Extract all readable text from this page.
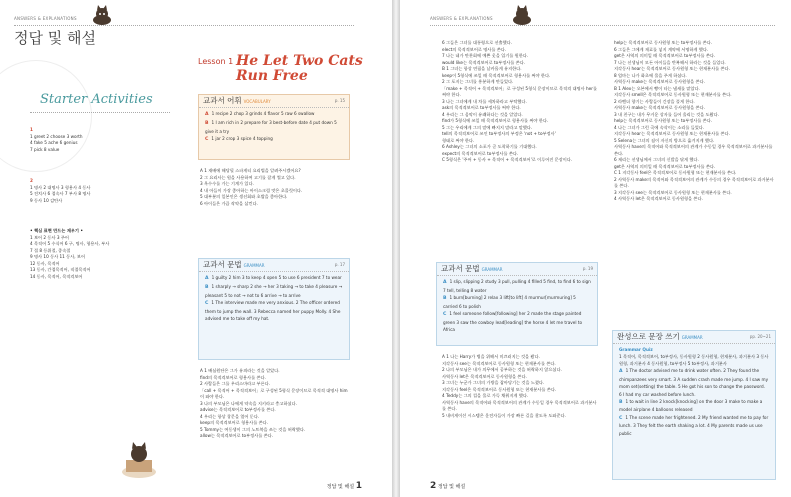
ANSWERS & EXPLANATIONS
정답 및 해설
Starter Activities
1
1 greet 2 choose 3 worth
4 fake 5 ache 6 genius
7 pick 8 value
2
1 명사 2 대명사 3 형용사 4 동사
5 전치사 6 접속사 7 부사 8 명사
9 동사 10 감탄사
• 핵심 표현 만드는 재우기 •
1 보어 2 동사 3 주어
4 목적어 5 수식어 6 구, 명사, 형용사, 부사
7 절 8 등위절, 종속절
9 명사 10 동사 11 동사, 보어
12 동사, 목적어
13 동사, 간접목적어, 직접목적어
14 동사, 목적어, 목적격보어
Lesson 1 He Let Two Cats Run Free
교과서 어휘 VOCABULARY	p. 15
A 1 recipe 2 chop 3 grinds 4 flavor 5 raw 6 swallow
B 1 I am rich in 2 prepare for 3 best-before date 4 put down 5 give it a try
C 1 jar 2 crop 3 spice 4 topping
A 1 재배에 해당될 스파게티 요리법을 알려주시겠어요?
2 그 요리사는 원을 사용하여 고기를 잘게 썰고 있다.
3 옥수수를 가는 기계가 있다.
4 내 아들이 가장 좋아하는 아이스크림 맛은 초콜릿이다.
5 대부분의 일본인은 생선회와 초밥을 좋아한다.
6 아이들은 가끔 작약을 삼킨다.
교과서 문법 GRAMMAR	p. 17
A 1 guilty 2 him 3 to keep 4 open 5 to use 6 president 7 to wear
B 1 sharply → sharp 2 she → her 3 taking → to take 4 pleasure → pleasant 5 to not → not to 6 arrive → to arrive
C 1 The interview made me very anxious. 2 The officer ordered them to jump the wall. 3 Rebecca named her puppy Molly. 4 She advised me to take off my hat.
A 1 배심원단은 그가 유죄라는 것을 알았다.
find의 목적격보어로 형용사를 쓴다.
2 사람들은 그를 우리스마라고 부른다.
「call + 목적어 + 목적격보어」로 구성된 5형식 문장이므로 목적격 대명사 him이 와야 한다.
3 나의 부모님은 나에게 약속을 지키라고 충고하셨다.
advise는 목적격보어로 to부정사를 쓴다.
4 우리는 항상 창문을 열어 둔다.
keep의 목적격보어로 형용사를 쓴다.
5 Tommy는 여동생이 그의 노트북을 쓰는 것을 허락했다.
allow는 목적격보어로 to부정사를 쓴다.
정답 및 해설 1
ANSWERS & EXPLANATIONS
6 그들은 그녀를 대통령으로 선출했다.
elect의 목적격보어로 명사를 쓴다.
7 나는 네가 만찬회에 예쁜 옷을 입기를 원한다.
would like는 목적격보어로 to부정사를 쓴다.
B 1 그녀는 항상 연필을 날카롭게 유지한다.
keep이 5형식에 쓰일 때 목적격보어로 형용사를 써야 한다.
2 그 포지는 그녀를 흥분하게 만들었다.
「make + 목적어 + 목적격보어」로 구성된 5형식 문장이므로 목적격 대명사 her를 써야 한다.
3 나는 그녀에게 내 차를 세차하라고 부탁했다.
ask의 목적격보어로 to부정사를 써야 한다.
4 우리는 그 음악이 유쾌하다는 것을 알았다.
find가 5형식에 쓰일 때 목적격보어로 형용사를 써야 한다.
5 그는 우리에게 그의 말에 빠지지 말라고 말했다.
tell의 목적격보어로 쓰인 to부정사의 부정은 'not + to부정사'
형태로 써야 한다.
6 Ashley는 그녀의 소포가 곧 도착하기를 기대했다.
expect의 목적격보어로 to부정사를 쓴다.
C 5형식은 '주어 + 동사 + 목적어 + 목적격보어'로 이루어진 문장이다.
교과서 문법 GRAMMAR	p. 19
A 1 slip, slipping 2 study 3 pull, pulling 4 filled 5 find, to find 6 to sign 7 tell, telling 8 water
B 1 burn[burning] 2 relax 3 lift[to lift] 4 murmur[murmuring] 5 carried 6 to polish
C 1 feel someone follow[following] her 2 made the stage painted green 3 saw the cowboy lead[leading] the horse 4 let me travel to Africa
A 1 나는 Harry가 병을 위해서 미끄러지는 것을 봤다.
지각동사 see는 목적격보어로 동사원형 또는 현재분사를 쓴다.
2 나의 부모님은 내가 의무에서 공부하는 것을 허락하지 않으셨다.
사역동사 let은 목적격보어로 동사원형을 쓴다.
3 그녀는 누군가 그녀의 가방을 잡아당기는 것을 느꼈다.
지각동사 feel은 목적격보어로 동사원형 또는 현재분사를 쓴다.
4 Teddy는 그의 컵을 물로 가득 채워지게 했다.
사역동사 have의 목적어와 목적격보어의 관계가 수동일 경우 목적격보어로 과거분사를 쓴다.
5 내비게이션 시스템은 운전자들이 가장 빠른 길을 찾도록 도와준다.
help는 목적격보어로 동사원형 또는 to부정사를 쓴다.
6 그들은 그에게 재료를 넣지 계약에 서명하게 했다.
get은 사역의 의미일 때 목적격보어로 to부정사를 쓴다.
7 나는 선생님이 모든 아이들을 반복해서 하라는 것을 들었다.
지각동사 hear는 목적격보어로 동사원형 또는 현재분사를 쓴다.
8 엄마는 나가 화초에 물을 주게 하셨다.
사역동사 make는 목적격보어로 동사원형을 쓴다.
B 1 Alex는 오븐에서 빵이 타는 냄새를 맡았다.
지각동사 smell은 목적격보어로 동사원형 또는 현재분사를 쓴다.
2 라벤더 향기는 사람들이 긴장을 풀게 한다.
사역동사 make는 목적격보어로 동사원형을 쓴다.
3 내 친구는 내가 무거운 상자를 들어 올리는 것을 도왔다.
help는 목적격보어로 동사원형 또는 to부정사를 쓴다.
4 나는 그녀가 그런 곡에 속삭이는 소리를 들었다.
지각동사 hear는 목적격보어로 동사원형 또는 현재분사를 쓴다.
5 Selena는 그녀의 짐이 자신의 방으로 옮겨지게 했다.
사역동사 have의 목적어와 목적격보어의 관계가 수동일 경우 목적격보어로 과거분사를 쓴다.
6 제리는 선생님께서 그녀의 신발을 닦게 했다.
get은 사역의 의미일 때 목적격보어로 to부정사를 쓴다.
C 1 지각동사 feel은 목적격보어로 동사원형 또는 현재분사를 쓴다.
2 사역동사 make의 목적어와 목적격보어의 관계가 수동의 경우 목적격보어로 과거분사를 쓴다.
3 지각동사 see는 목적격보어로 동사원형 또는 현재분사를 쓴다.
4 사역동사 let은 목적격보어로 동사원형을 쓴다.
완성으로 문장 쓰기 GRAMMAR	pp. 20~21
Grammar Quiz
1 목적어, 목적격보어, to부정사, 동사원형 2 동사원형, 현재분사, 과거분사 3 동사원형, 과거분사 4 동사원형, to부정사 5 to부정사, 과거분사
A 1 The doctor advised me to drink water often. 2 They found the chimpanzees very smart. 3 A sudden crash made me jump. 4 I saw my mom set(setting) the table. 5 He got his son to change the password. 6 I had my car washed before lunch.
B 1 to wait in line 2 knock[knocking] on the door 3 make to make a model airplane 4 balloons released
C 1 The scene made her frightened. 2 My friend wanted me to pay for lunch. 3 They felt the earth shaking a lot. 4 My parents made us use public
2 정답 및 해설
